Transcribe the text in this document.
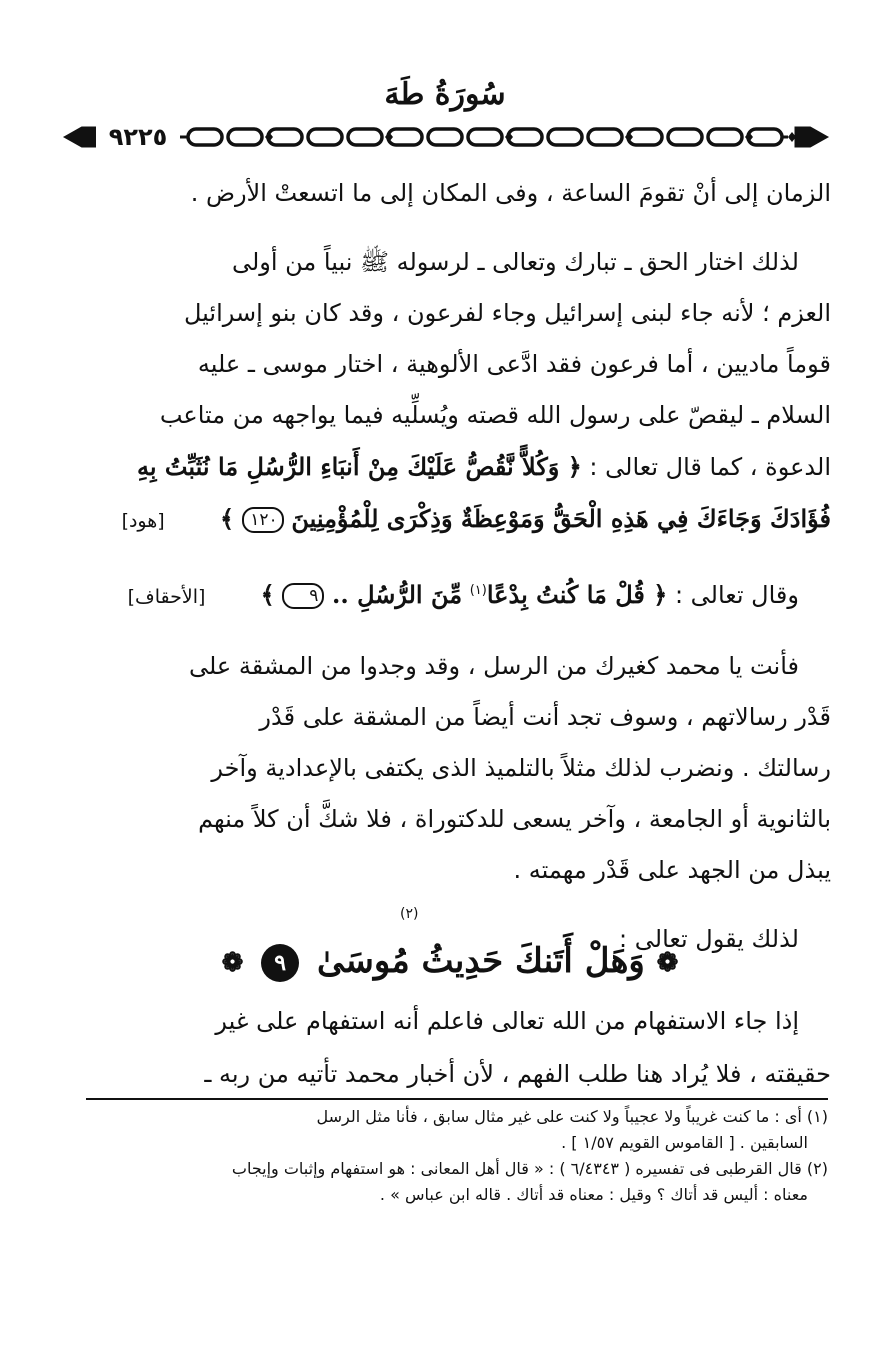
سُورَةُ طَهَ
٩٢٢٥
الزمان إلى أنْ تقومَ الساعة ، وفى المكان إلى ما اتسعتْ الأرض .
لذلك اختار الحق ـ تبارك وتعالى ـ لرسوله ﷺ نبياً من أولى
العزم ؛ لأنه جاء لبنى إسرائيل وجاء لفرعون ، وقد كان بنو إسرائيل
قوماً ماديين ، أما فرعون فقد ادَّعى الألوهية ، اختار موسى ـ عليه
السلام ـ ليقصّ على رسول الله قصته ويُسلِّيه فيما يواجهه من متاعب
الدعوة ، كما قال تعالى : ﴿ وَكُلاًّ نَّقُصُّ عَلَيْكَ مِنْ أَنبَاءِ الرُّسُلِ مَا نُثَبِّتُ بِهِ
فُؤَادَكَ وَجَاءَكَ فِي هَذِهِ الْحَقُّ وَمَوْعِظَةٌ وَذِكْرَى لِلْمُؤْمِنِينَ ١٢٠ ﴾  [هود]
وقال تعالى : ﴿ قُلْ مَا كُنتُ بِدْعًا$^{(١)}$ مِّنَ الرُّسُلِ .. ٩ ﴾  [الأحقاف]
فأنت يا محمد كغيرك من الرسل ، وقد وجدوا من المشقة على
قَدْر رسالاتهم ، وسوف تجد أنت أيضاً من المشقة على قَدْر
رسالتك . ونضرب لذلك مثلاً بالتلميذ الذى يكتفى بالإعدادية وآخر
بالثانوية أو الجامعة ، وآخر يسعى للدكتوراة ، فلا شكَّ أن كلاً منهم
يبذل من الجهد على قَدْر مهمته .
لذلك يقول تعالى :
(٢)
❁ وَهَلْ أَتَنكَ حَدِيثُ مُوسَىٰ ٩ ❁
إذا جاء الاستفهام من الله تعالى فاعلم أنه استفهام على غير
حقيقته ، فلا يُراد هنا طلب الفهم ، لأن أخبار محمد تأتيه من ربه ـ
(١) أى : ما كنت غريباً ولا عجيباً ولا كنت على غير مثال سابق ، فأنا مثل الرسل
السابقين . [ القاموس القويم ١/٥٧ ] .
(٢) قال القرطبى فى تفسيره ( ٦/٤٣٤٣ ) : « قال أهل المعانى : هو استفهام وإثبات وإيجاب
معناه : أليس قد أتاك ؟ وقيل : معناه قد أتاك . قاله ابن عباس » .
